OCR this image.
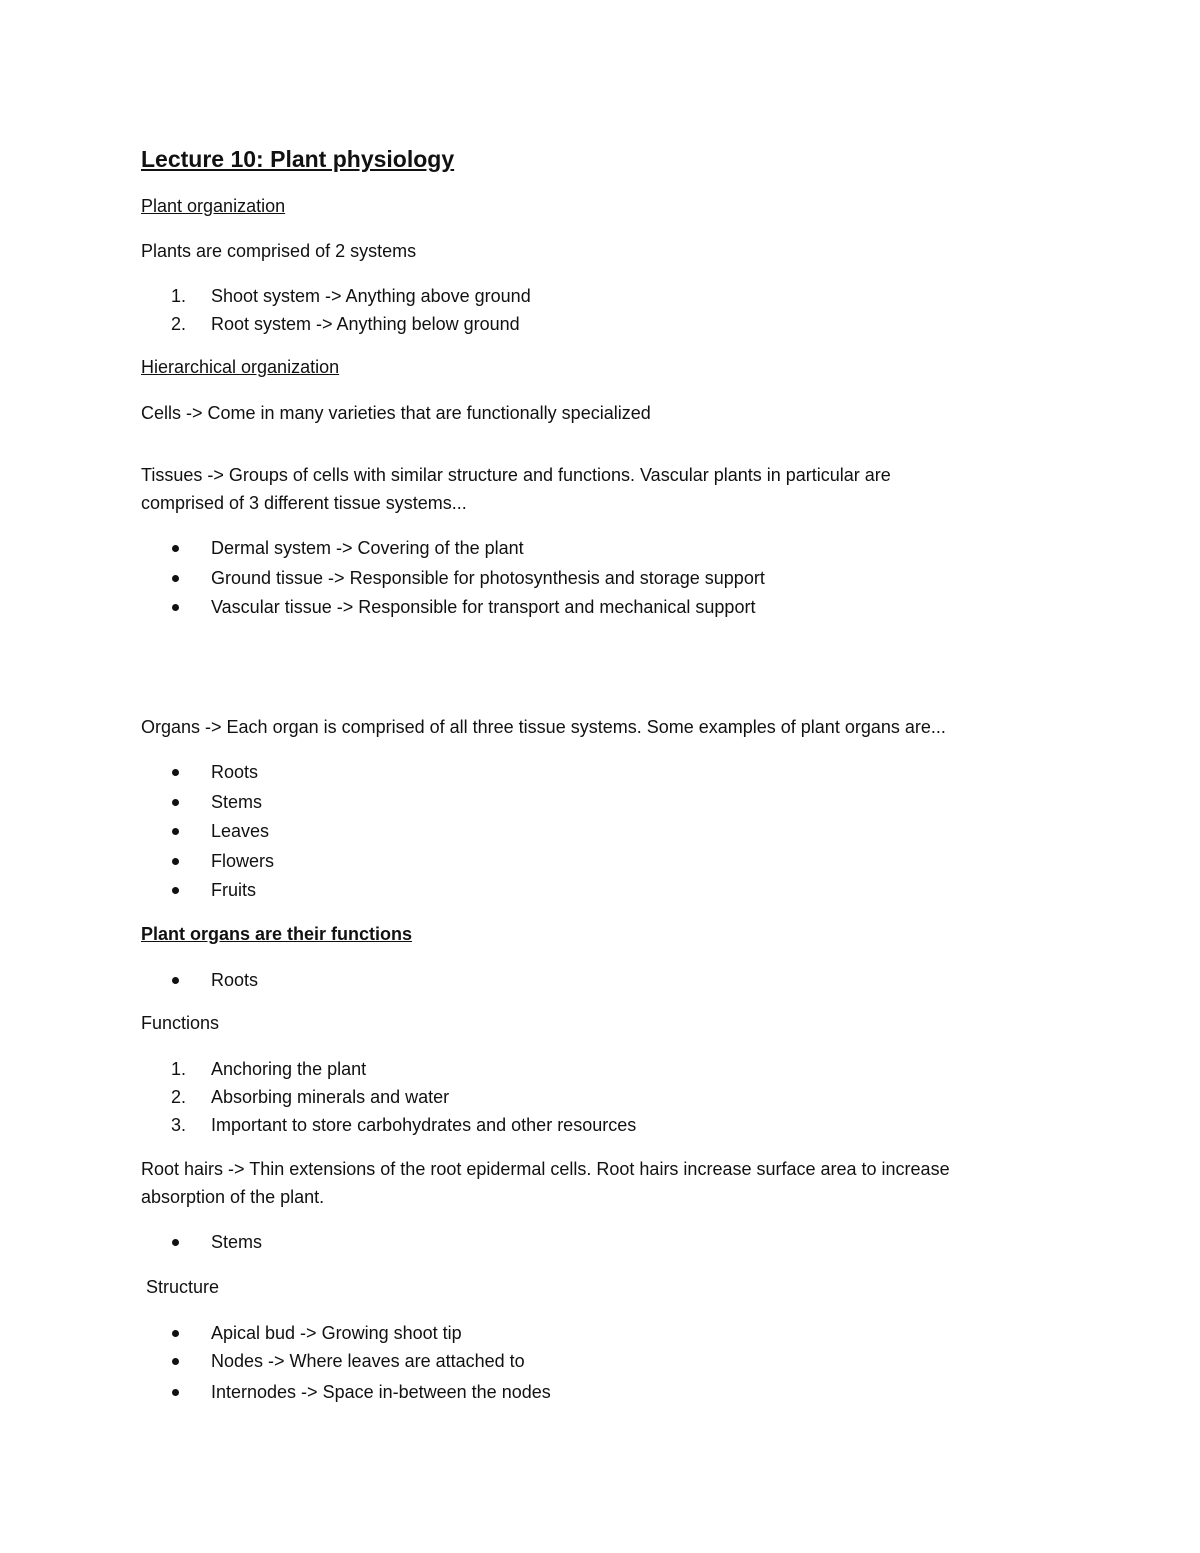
Lecture 10: Plant physiology
Plant organization
Plants are comprised of 2 systems
1. Shoot system -> Anything above ground
2. Root system -> Anything below ground
Hierarchical organization
Cells -> Come in many varieties that are functionally specialized
Tissues -> Groups of cells with similar structure and functions. Vascular plants in particular are
comprised of 3 different tissue systems...
Dermal system -> Covering of the plant
Ground tissue -> Responsible for photosynthesis and storage support
Vascular tissue -> Responsible for transport and mechanical support
Organs -> Each organ is comprised of all three tissue systems. Some examples of plant organs are...
Roots
Stems
Leaves
Flowers
Fruits
Plant organs are their functions
Roots
Functions
1. Anchoring the plant
2. Absorbing minerals and water
3. Important to store carbohydrates and other resources
Root hairs -> Thin extensions of the root epidermal cells. Root hairs increase surface area to increase
absorption of the plant.
Stems
Structure
Apical bud -> Growing shoot tip
Nodes -> Where leaves are attached to
Internodes -> Space in-between the nodes
